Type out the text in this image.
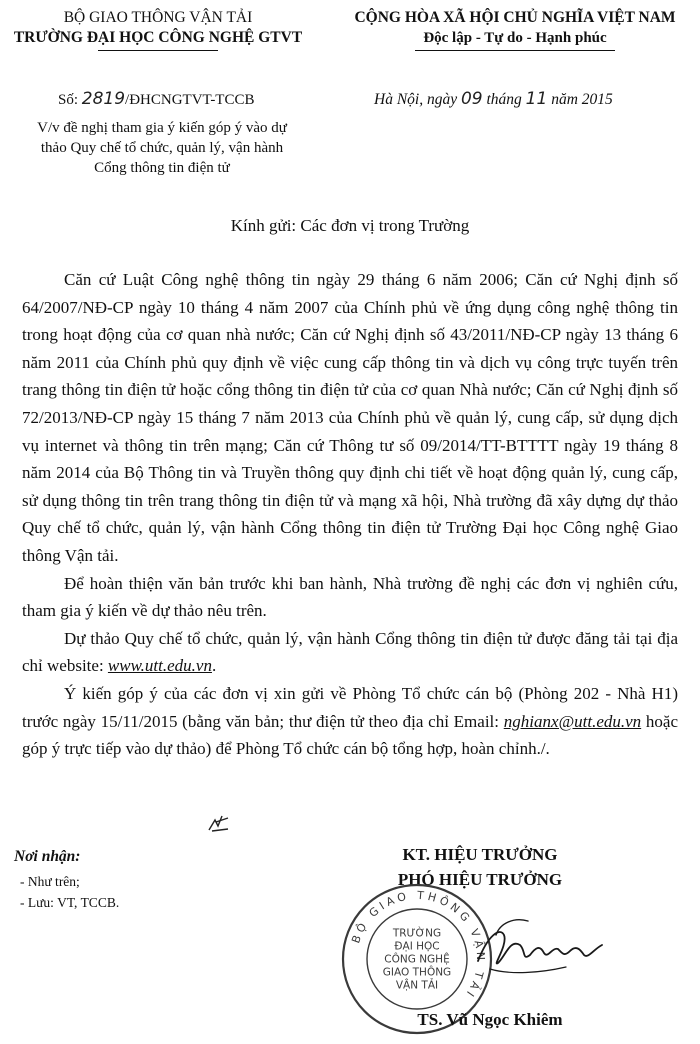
BỘ GIAO THÔNG VẬN TẢI
TRƯỜNG ĐẠI HỌC CÔNG NGHỆ GTVT
CỘNG HÒA XÃ HỘI CHỦ NGHĨA VIỆT NAM
Độc lập - Tự do - Hạnh phúc
Số: 2819/ĐHCNGTVT-TCCB	Hà Nội, ngày 09 tháng 11 năm 2015
V/v đề nghị tham gia ý kiến góp ý vào dự
thảo Quy chế tổ chức, quản lý, vận hành
Cổng thông tin điện tử
Kính gửi: Các đơn vị trong Trường

Căn cứ Luật Công nghệ thông tin ngày 29 tháng 6 năm 2006; Căn cứ Nghị định số 64/2007/NĐ-CP ngày 10 tháng 4 năm 2007 của Chính phủ về ứng dụng công nghệ thông tin trong hoạt động của cơ quan nhà nước; Căn cứ Nghị định số 43/2011/NĐ-CP ngày 13 tháng 6 năm 2011 của Chính phủ quy định về việc cung cấp thông tin và dịch vụ công trực tuyến trên trang thông tin điện tử hoặc cổng thông tin điện tử của cơ quan Nhà nước; Căn cứ Nghị định số 72/2013/NĐ-CP ngày 15 tháng 7 năm 2013 của Chính phủ về quản lý, cung cấp, sử dụng dịch vụ internet và thông tin trên mạng; Căn cứ Thông tư số 09/2014/TT-BTTTT ngày 19 tháng 8 năm 2014 của Bộ Thông tin và Truyền thông quy định chi tiết về hoạt động quản lý, cung cấp, sử dụng thông tin trên trang thông tin điện tử và mạng xã hội, Nhà trường đã xây dựng dự thảo Quy chế tổ chức, quản lý, vận hành Cổng thông tin điện tử Trường Đại học Công nghệ Giao thông Vận tải.

Để hoàn thiện văn bản trước khi ban hành, Nhà trường đề nghị các đơn vị nghiên cứu, tham gia ý kiến về dự thảo nêu trên.

Dự thảo Quy chế tổ chức, quản lý, vận hành Cổng thông tin điện tử được đăng tải tại địa chỉ website: www.utt.edu.vn.

Ý kiến góp ý của các đơn vị xin gửi về Phòng Tổ chức cán bộ (Phòng 202 - Nhà H1) trước ngày 15/11/2015 (bằng văn bản; thư điện tử theo địa chỉ Email: nghianx@utt.edu.vn hoặc góp ý trực tiếp vào dự thảo) để Phòng Tổ chức cán bộ tổng hợp, hoàn chỉnh./.

Nơi nhận:
- Như trên;
- Lưu: VT, TCCB.
KT. HIỆU TRƯỞNG
PHÓ HIỆU TRƯỞNG
BỘ GIAO THÔNG VẬN TẢI
TRƯỜNG
ĐẠI HỌC
CÔNG NGHỆ
GIAO THÔNG
VẬN TẢI
TS. Vũ Ngọc Khiêm
